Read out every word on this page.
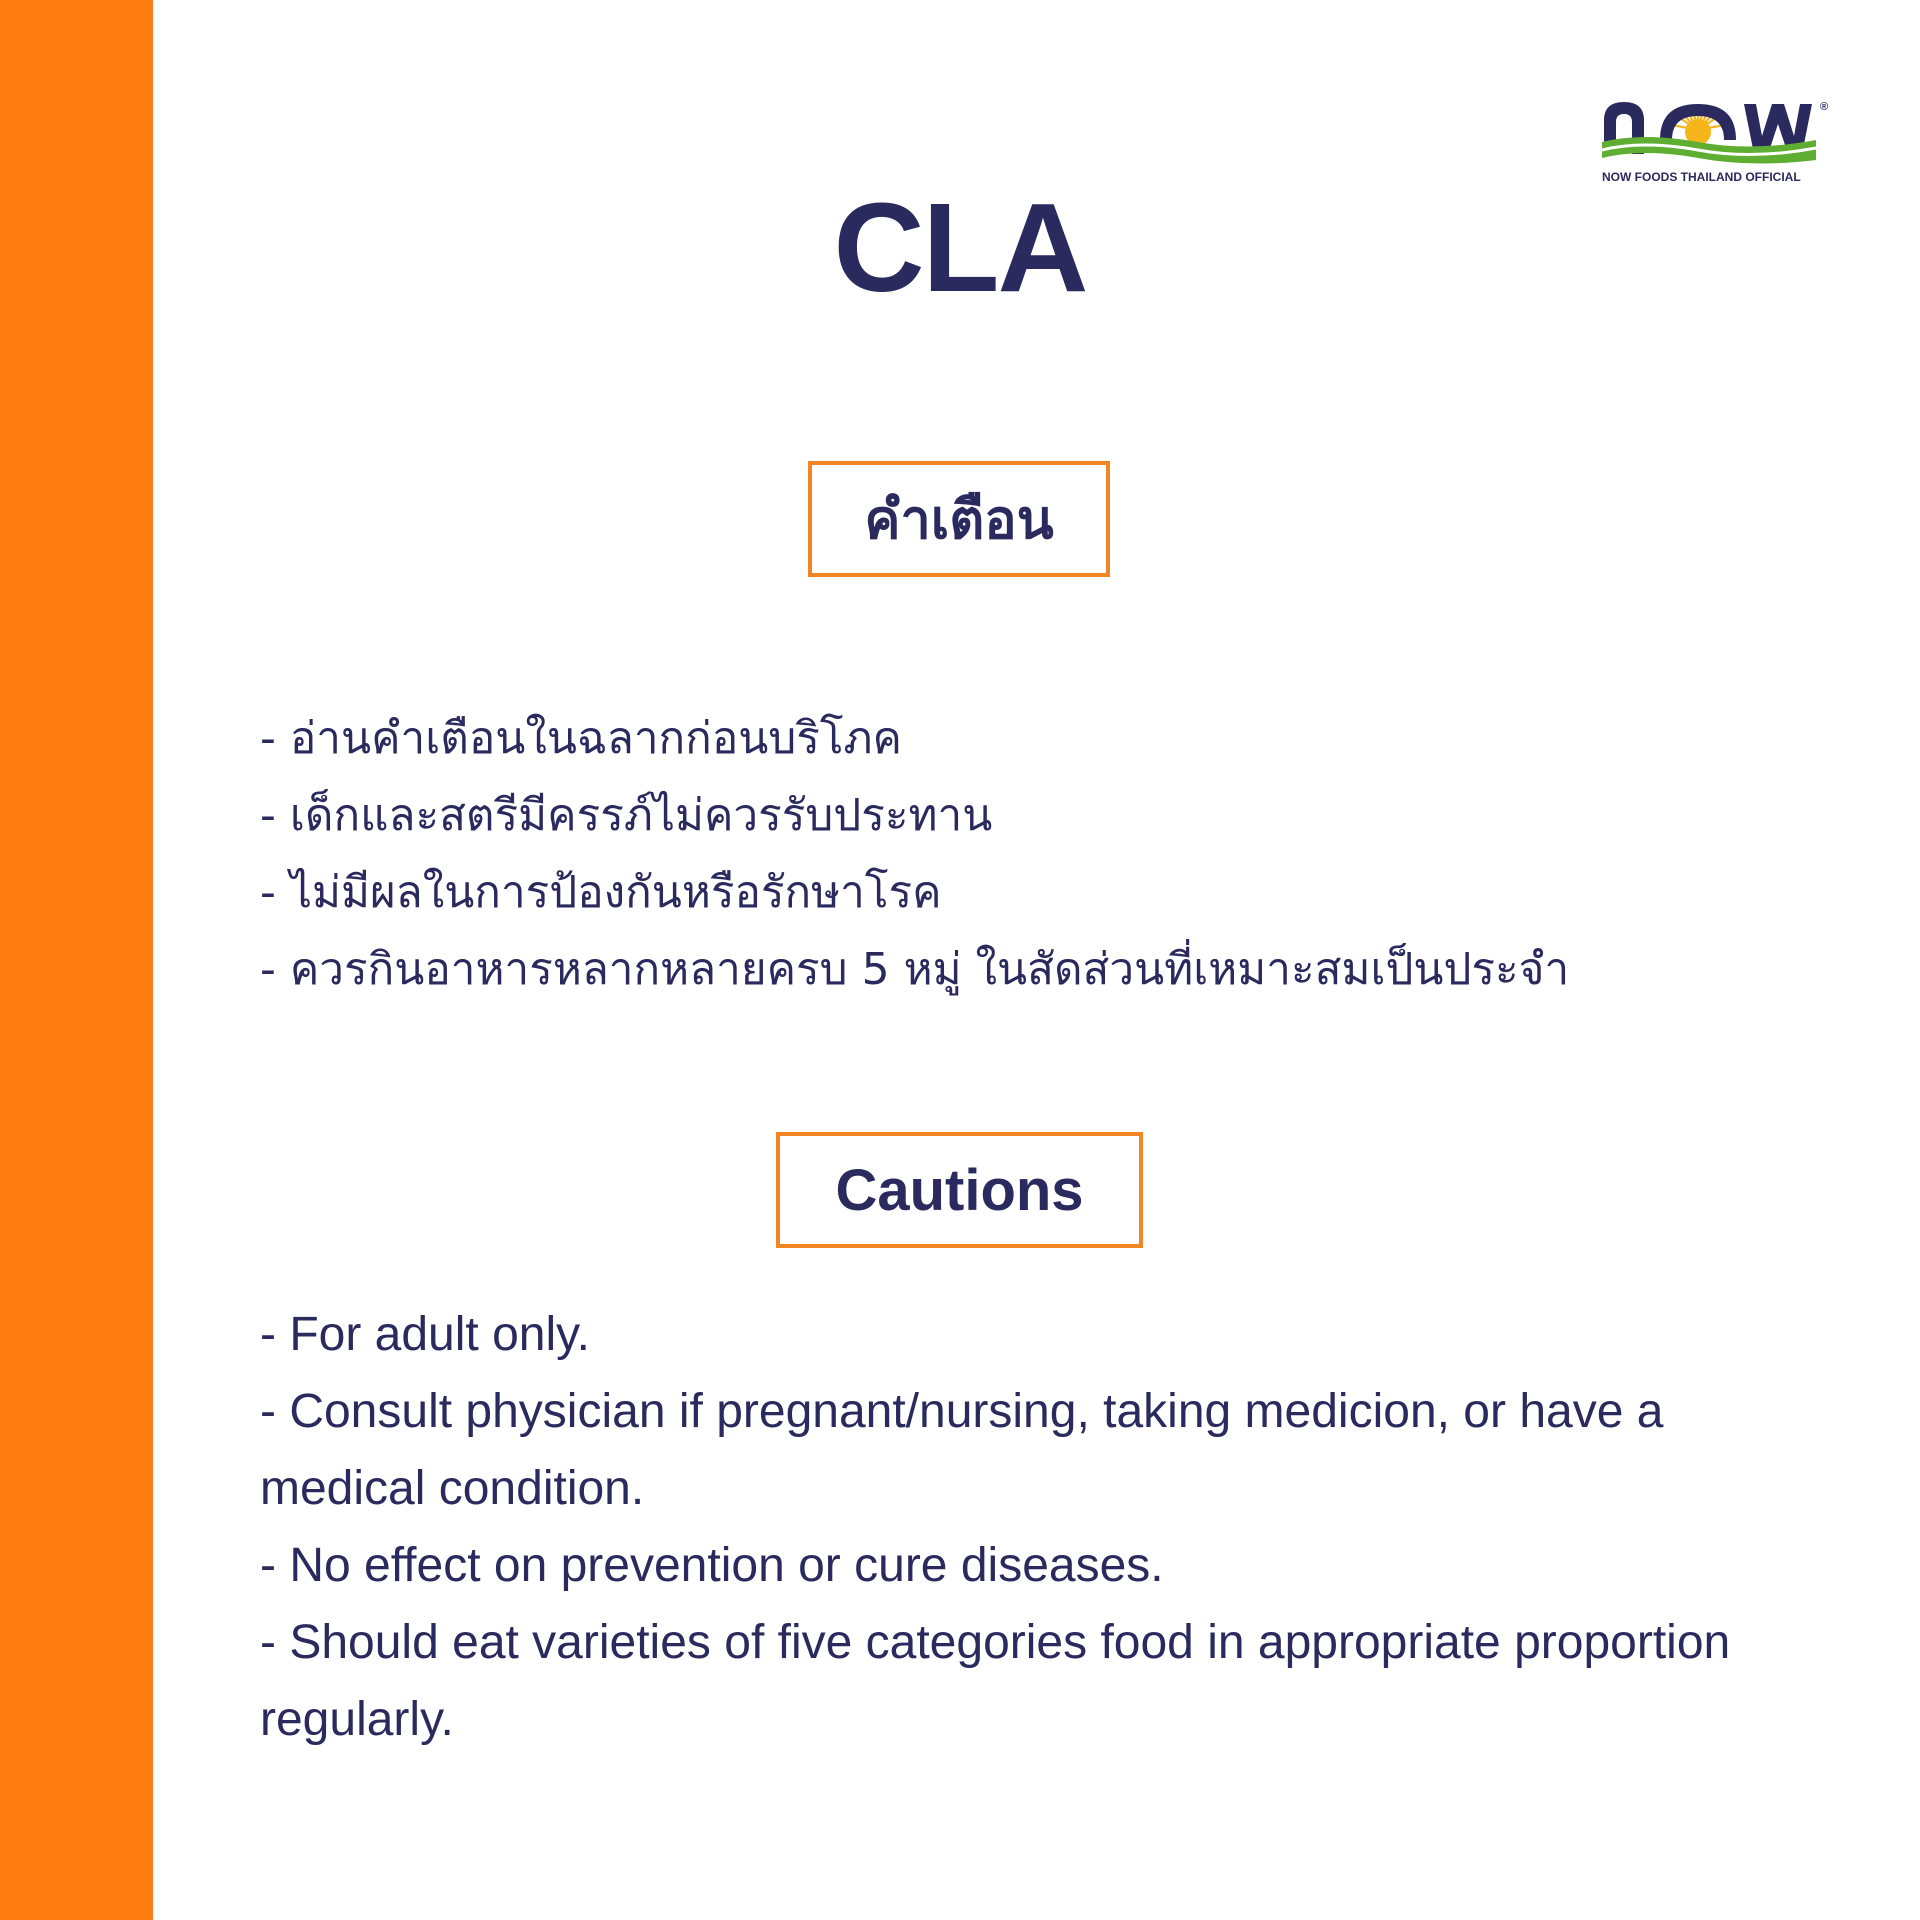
®
NOW FOODS THAILAND OFFICIAL
CLA
คำเตือน
- อ่านคำเตือนในฉลากก่อนบริโภค
- เด็กและสตรีมีครรภ์ไม่ควรรับประทาน
- ไม่มีผลในการป้องกันหรือรักษาโรค
- ควรกินอาหารหลากหลายครบ 5 หมู่ ในสัดส่วนที่เหมาะสมเป็นประจำ
Cautions
- For adult only.
- Consult physician if pregnant/nursing, taking medicion, or have a medical condition.
- No effect on prevention or cure diseases.
- Should eat varieties of five categories food in appropriate proportion regularly.
